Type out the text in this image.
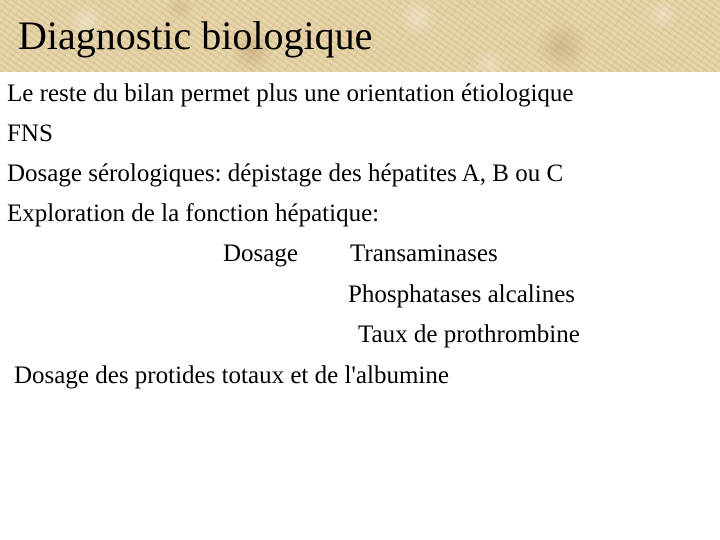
Diagnostic biologique

Le reste du bilan permet plus une orientation étiologique

FNS

Dosage sérologiques: dépistage des hépatites A, B ou C

Exploration de la fonction hépatique:

Dosage Transaminases
Phosphatases alcalines
Taux de prothrombine

Dosage des protides totaux et de l'albumine
